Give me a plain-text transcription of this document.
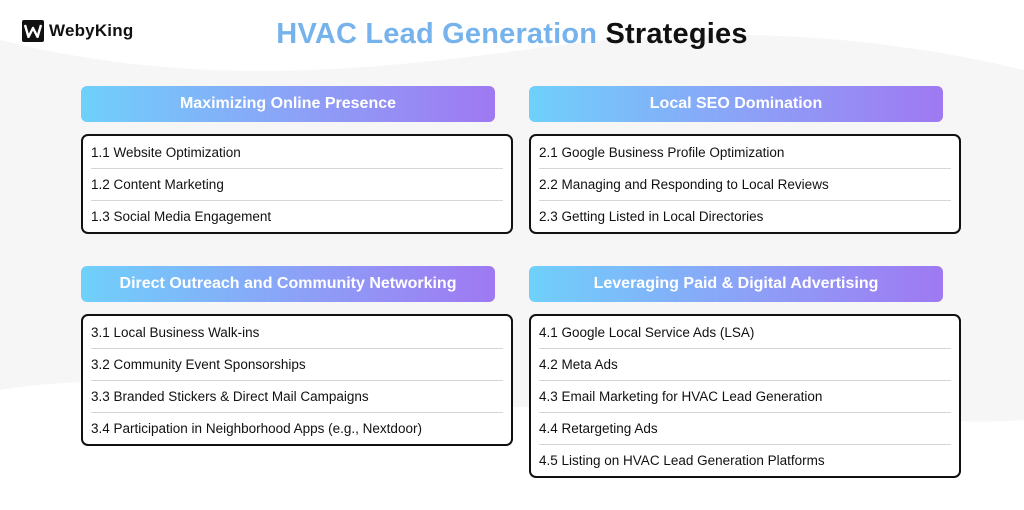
WebyKing	HVAC Lead Generation Strategies
Maximizing Online Presence
1.1 Website Optimization
1.2 Content Marketing
1.3 Social Media Engagement
Local SEO Domination
2.1 Google Business Profile Optimization
2.2 Managing and Responding to Local Reviews
2.3 Getting Listed in Local Directories
Direct Outreach and Community Networking
3.1 Local Business Walk-ins
3.2 Community Event Sponsorships
3.3 Branded Stickers & Direct Mail Campaigns
3.4 Participation in Neighborhood Apps (e.g., Nextdoor)
Leveraging Paid & Digital Advertising
4.1 Google Local Service Ads (LSA)
4.2 Meta Ads
4.3 Email Marketing for HVAC Lead Generation
4.4 Retargeting Ads
4.5 Listing on HVAC Lead Generation Platforms
